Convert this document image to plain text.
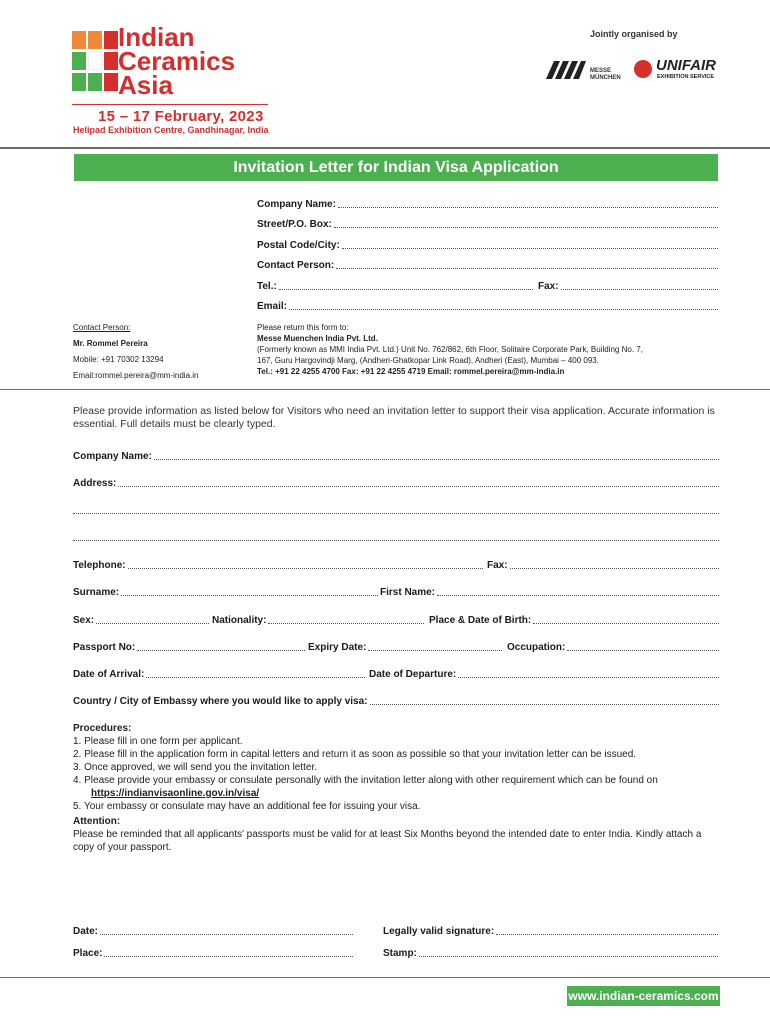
Indian
Ceramics
Asia
15 – 17 February, 2023
Helipad Exhibition Centre, Gandhinagar, India
Jointly organised by
MESSE
MÜNCHEN
UNIFAIR
EXHIBITION SERVICE
Invitation Letter for Indian Visa Application
Company Name:
Street/P.O. Box:
Postal Code/City:
Contact Person:
Tel.:	Fax:
Email:
Contact Person:
Mr. Rommel Pereira
Mobile: +91 70302 13294
Email:rommel.pereira@mm-india.in
Please return this form to:
Messe Muenchen India Pvt. Ltd.
(Formerly known as MMI India Pvt. Ltd.) Unit No. 762/862, 6th Floor, Solitaire Corporate Park, Building No. 7,
167, Guru Hargovindji Marg, (Andheri-Ghatkopar Link Road), Andheri (East), Mumbai – 400 093.
Tel.: +91 22 4255 4700 Fax: +91 22 4255 4719 Email: rommel.pereira@mm-india.in
Please provide information as listed below for Visitors who need an invitation letter to support their visa application. Accurate information is essential. Full details must be clearly typed.
Company Name:
Address:
Telephone:	Fax:
Surname:	First Name:
Sex:	Nationality:	Place & Date of Birth:
Passport No:	Expiry Date:	Occupation:
Date of Arrival:	Date of Departure:
Country / City of Embassy where you would like to apply visa:
Procedures:
1. Please fill in one form per applicant.
2. Please fill in the application form in capital letters and return it as soon as possible so that your invitation letter can be issued.
3. Once approved, we will send you the invitation letter.
4. Please provide your embassy or consulate personally with the invitation letter along with other requirement which can be found on
https://indianvisaonline.gov.in/visa/
5. Your embassy or consulate may have an additional fee for issuing your visa.
Attention:
Please be reminded that all applicants' passports must be valid for at least Six Months beyond the intended date to enter India. Kindly attach a copy of your passport.
Date:	Legally valid signature:
Place:	Stamp:
www.indian-ceramics.com
